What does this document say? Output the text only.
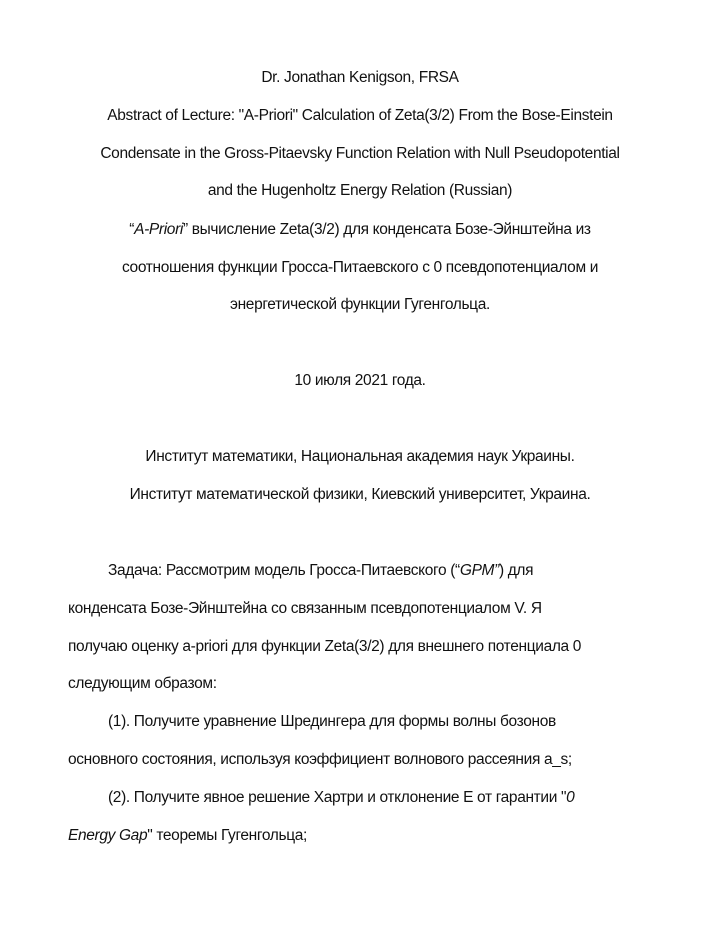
Dr. Jonathan Kenigson, FRSA
Abstract of Lecture: "A-Priori" Calculation of Zeta(3/2) From the Bose-Einstein
Condensate in the Gross-Pitaevsky Function Relation with Null Pseudopotential
and the Hugenholtz Energy Relation (Russian)
“A-Priori” вычисление Zeta(3/2) для конденсата Бозе-Эйнштейна из
соотношения функции Гросса-Питаевского с 0 псевдопотенциалом и
энергетической функции Гугенгольца.
10 июля 2021 года.
Институт математики, Национальная академия наук Украины.
Институт математической физики, Киевский университет, Украина.
Задача: Рассмотрим модель Гросса-Питаевского (“GPM”) для
конденсата Бозе-Эйнштейна со связанным псевдопотенциалом V. Я
получаю оценку a-priori для функции Zeta(3/2) для внешнего потенциала 0
следующим образом:
(1). Получите уравнение Шредингера для формы волны бозонов
основного состояния, используя коэффициент волнового рассеяния a_s;
(2). Получите явное решение Хартри и отклонение E от гарантии "0
Energy Gap" теоремы Гугенгольца;
